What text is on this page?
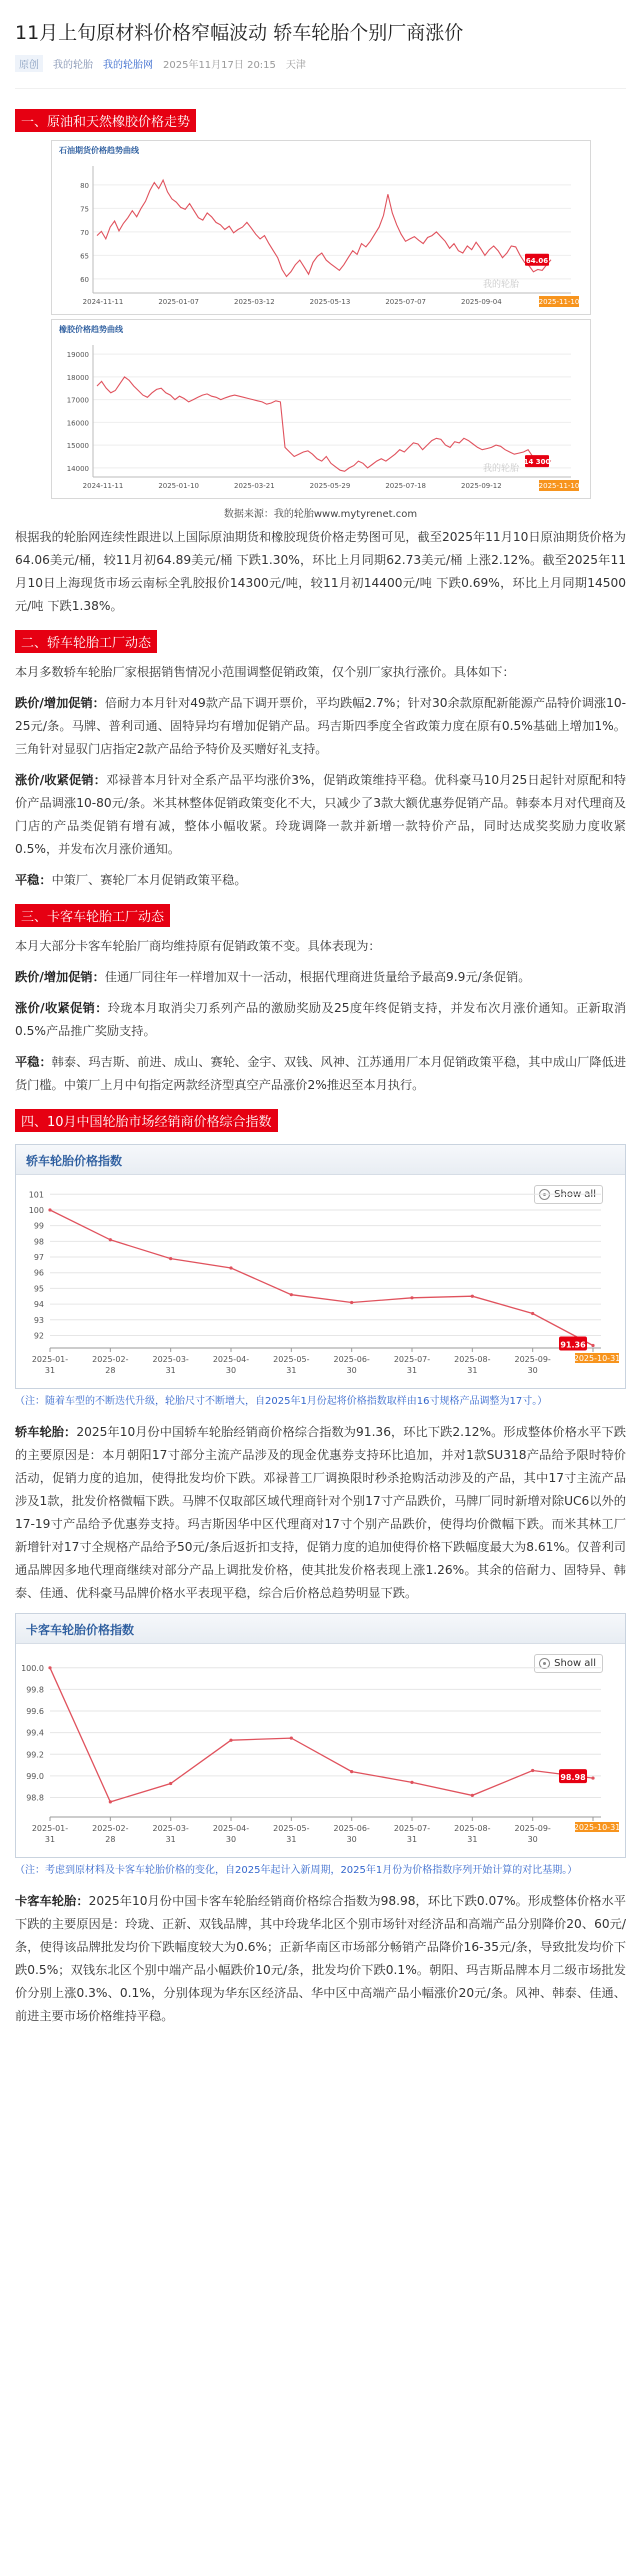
11月上旬原材料价格窄幅波动 轿车轮胎个别厂商涨价
原创	我的轮胎 我的轮胎网 2025年11月17日 20:15 天津
一、原油和天然橡胶价格走势
石油期货价格趋势曲线
60
65
70
75
80
64.06
2024-11-11	2025-01-07	2025-03-12	2025-05-13	2025-07-07	2025-09-04	2025-11-10
我的轮胎
橡胶价格趋势曲线
14000
15000
16000
17000
18000
19000
14 300
2024-11-11	2025-01-10	2025-03-21	2025-05-29	2025-07-18	2025-09-12	2025-11-10
我的轮胎
数据来源：我的轮胎www.mytyrenet.com

根据我的轮胎网连续性跟进以上国际原油期货和橡胶现货价格走势图可见，截至2025年11月10日原油期货价格为64.06美元/桶，较11月初64.89美元/桶 下跌1.30%，环比上月同期62.73美元/桶 上涨2.12%。截至2025年11月10日上海现货市场云南标全乳胶报价14300元/吨，较11月初14400元/吨 下跌0.69%，环比上月同期14500元/吨 下跌1.38%。

二、轿车轮胎工厂动态

本月多数轿车轮胎厂家根据销售情况小范围调整促销政策，仅个别厂家执行涨价。具体如下：

跌价/增加促销：倍耐力本月针对49款产品下调开票价，平均跌幅2.7%；针对30余款原配新能源产品特价调涨10-25元/条。马牌、普利司通、固特异均有增加促销产品。玛吉斯四季度全省政策力度在原有0.5%基础上增加1%。三角针对显驭门店指定2款产品给予特价及买赠好礼支持。

涨价/收紧促销：邓禄普本月针对全系产品平均涨价3%，促销政策维持平稳。优科豪马10月25日起针对原配和特价产品调涨10-80元/条。米其林整体促销政策变化不大，只减少了3款大额优惠券促销产品。韩泰本月对代理商及门店的产品类促销有增有减，整体小幅收紧。玲珑调降一款并新增一款特价产品，同时达成奖奖励力度收紧0.5%，并发布次月涨价通知。

平稳：中策厂、赛轮厂本月促销政策平稳。

三、卡客车轮胎工厂动态

本月大部分卡客车轮胎厂商均维持原有促销政策不变。具体表现为：

跌价/增加促销：佳通厂同往年一样增加双十一活动，根据代理商进货量给予最高9.9元/条促销。

涨价/收紧促销：玲珑本月取消尖刀系列产品的激励奖励及25度年终促销支持，并发布次月涨价通知。正新取消0.5%产品推广奖励支持。

平稳：韩泰、玛吉斯、前进、成山、赛轮、金宇、双钱、风神、江苏通用厂本月促销政策平稳，其中成山厂降低进货门槛。中策厂上月中旬指定两款经济型真空产品涨价2%推迟至本月执行。

四、10月中国轮胎市场经销商价格综合指数
轿车轮胎价格指数
Show all
92
93
94
95
96
97
98
99
100
101
2025-01-
31
2025-02-
28
2025-03-
31
2025-04-
30
2025-05-
31
2025-06-
30
2025-07-
31
2025-08-
31
2025-09-
30
2025-10-31
91.36
（注：随着车型的不断迭代升级，轮胎尺寸不断增大，自2025年1月份起将价格指数取样由16寸规格产品调整为17寸。）

轿车轮胎：2025年10月份中国轿车轮胎经销商价格综合指数为91.36，环比下跌2.12%。形成整体价格水平下跌的主要原因是：本月朝阳17寸部分主流产品涉及的现金优惠券支持环比追加，并对1款SU318产品给予限时特价活动，促销力度的追加，使得批发均价下跌。邓禄普工厂调换限时秒杀抢购活动涉及的产品，其中17寸主流产品涉及1款，批发价格微幅下跌。马牌不仅取部区域代理商针对个别17寸产品跌价，马牌厂同时新增对除UC6以外的17-19寸产品给予优惠券支持。玛吉斯因华中区代理商对17寸个别产品跌价，使得均价微幅下跌。而米其林工厂新增针对17寸全规格产品给予50元/条后返折扣支持，促销力度的追加使得价格下跌幅度最大为8.61%。仅普利司通品牌因多地代理商继续对部分产品上调批发价格，使其批发价格表现上涨1.26%。其余的倍耐力、固特异、韩泰、佳通、优科豪马品牌价格水平表现平稳，综合后价格总趋势明显下跌。

卡客车轮胎价格指数
Show all
98.8
99.0
99.2
99.4
99.6
99.8
100.0
2025-01-
31
2025-02-
28
2025-03-
31
2025-04-
30
2025-05-
31
2025-06-
30
2025-07-
31
2025-08-
31
2025-09-
30
2025-10-31
98.98
（注：考虑到原材料及卡客车轮胎价格的变化，自2025年起计入新周期，2025年1月份为价格指数序列开始计算的对比基期。）

卡客车轮胎：2025年10月份中国卡客车轮胎经销商价格综合指数为98.98，环比下跌0.07%。形成整体价格水平下跌的主要原因是：玲珑、正新、双钱品牌，其中玲珑华北区个别市场针对经济品和高端产品分别降价20、60元/条，使得该品牌批发均价下跌幅度较大为0.6%；正新华南区市场部分畅销产品降价16-35元/条，导致批发均价下跌0.5%；双钱东北区个别中端产品小幅跌价10元/条，批发均价下跌0.1%。朝阳、玛吉斯品牌本月二级市场批发价分别上涨0.3%、0.1%，分别体现为华东区经济品、华中区中高端产品小幅涨价20元/条。风神、韩泰、佳通、前进主要市场价格维持平稳。
